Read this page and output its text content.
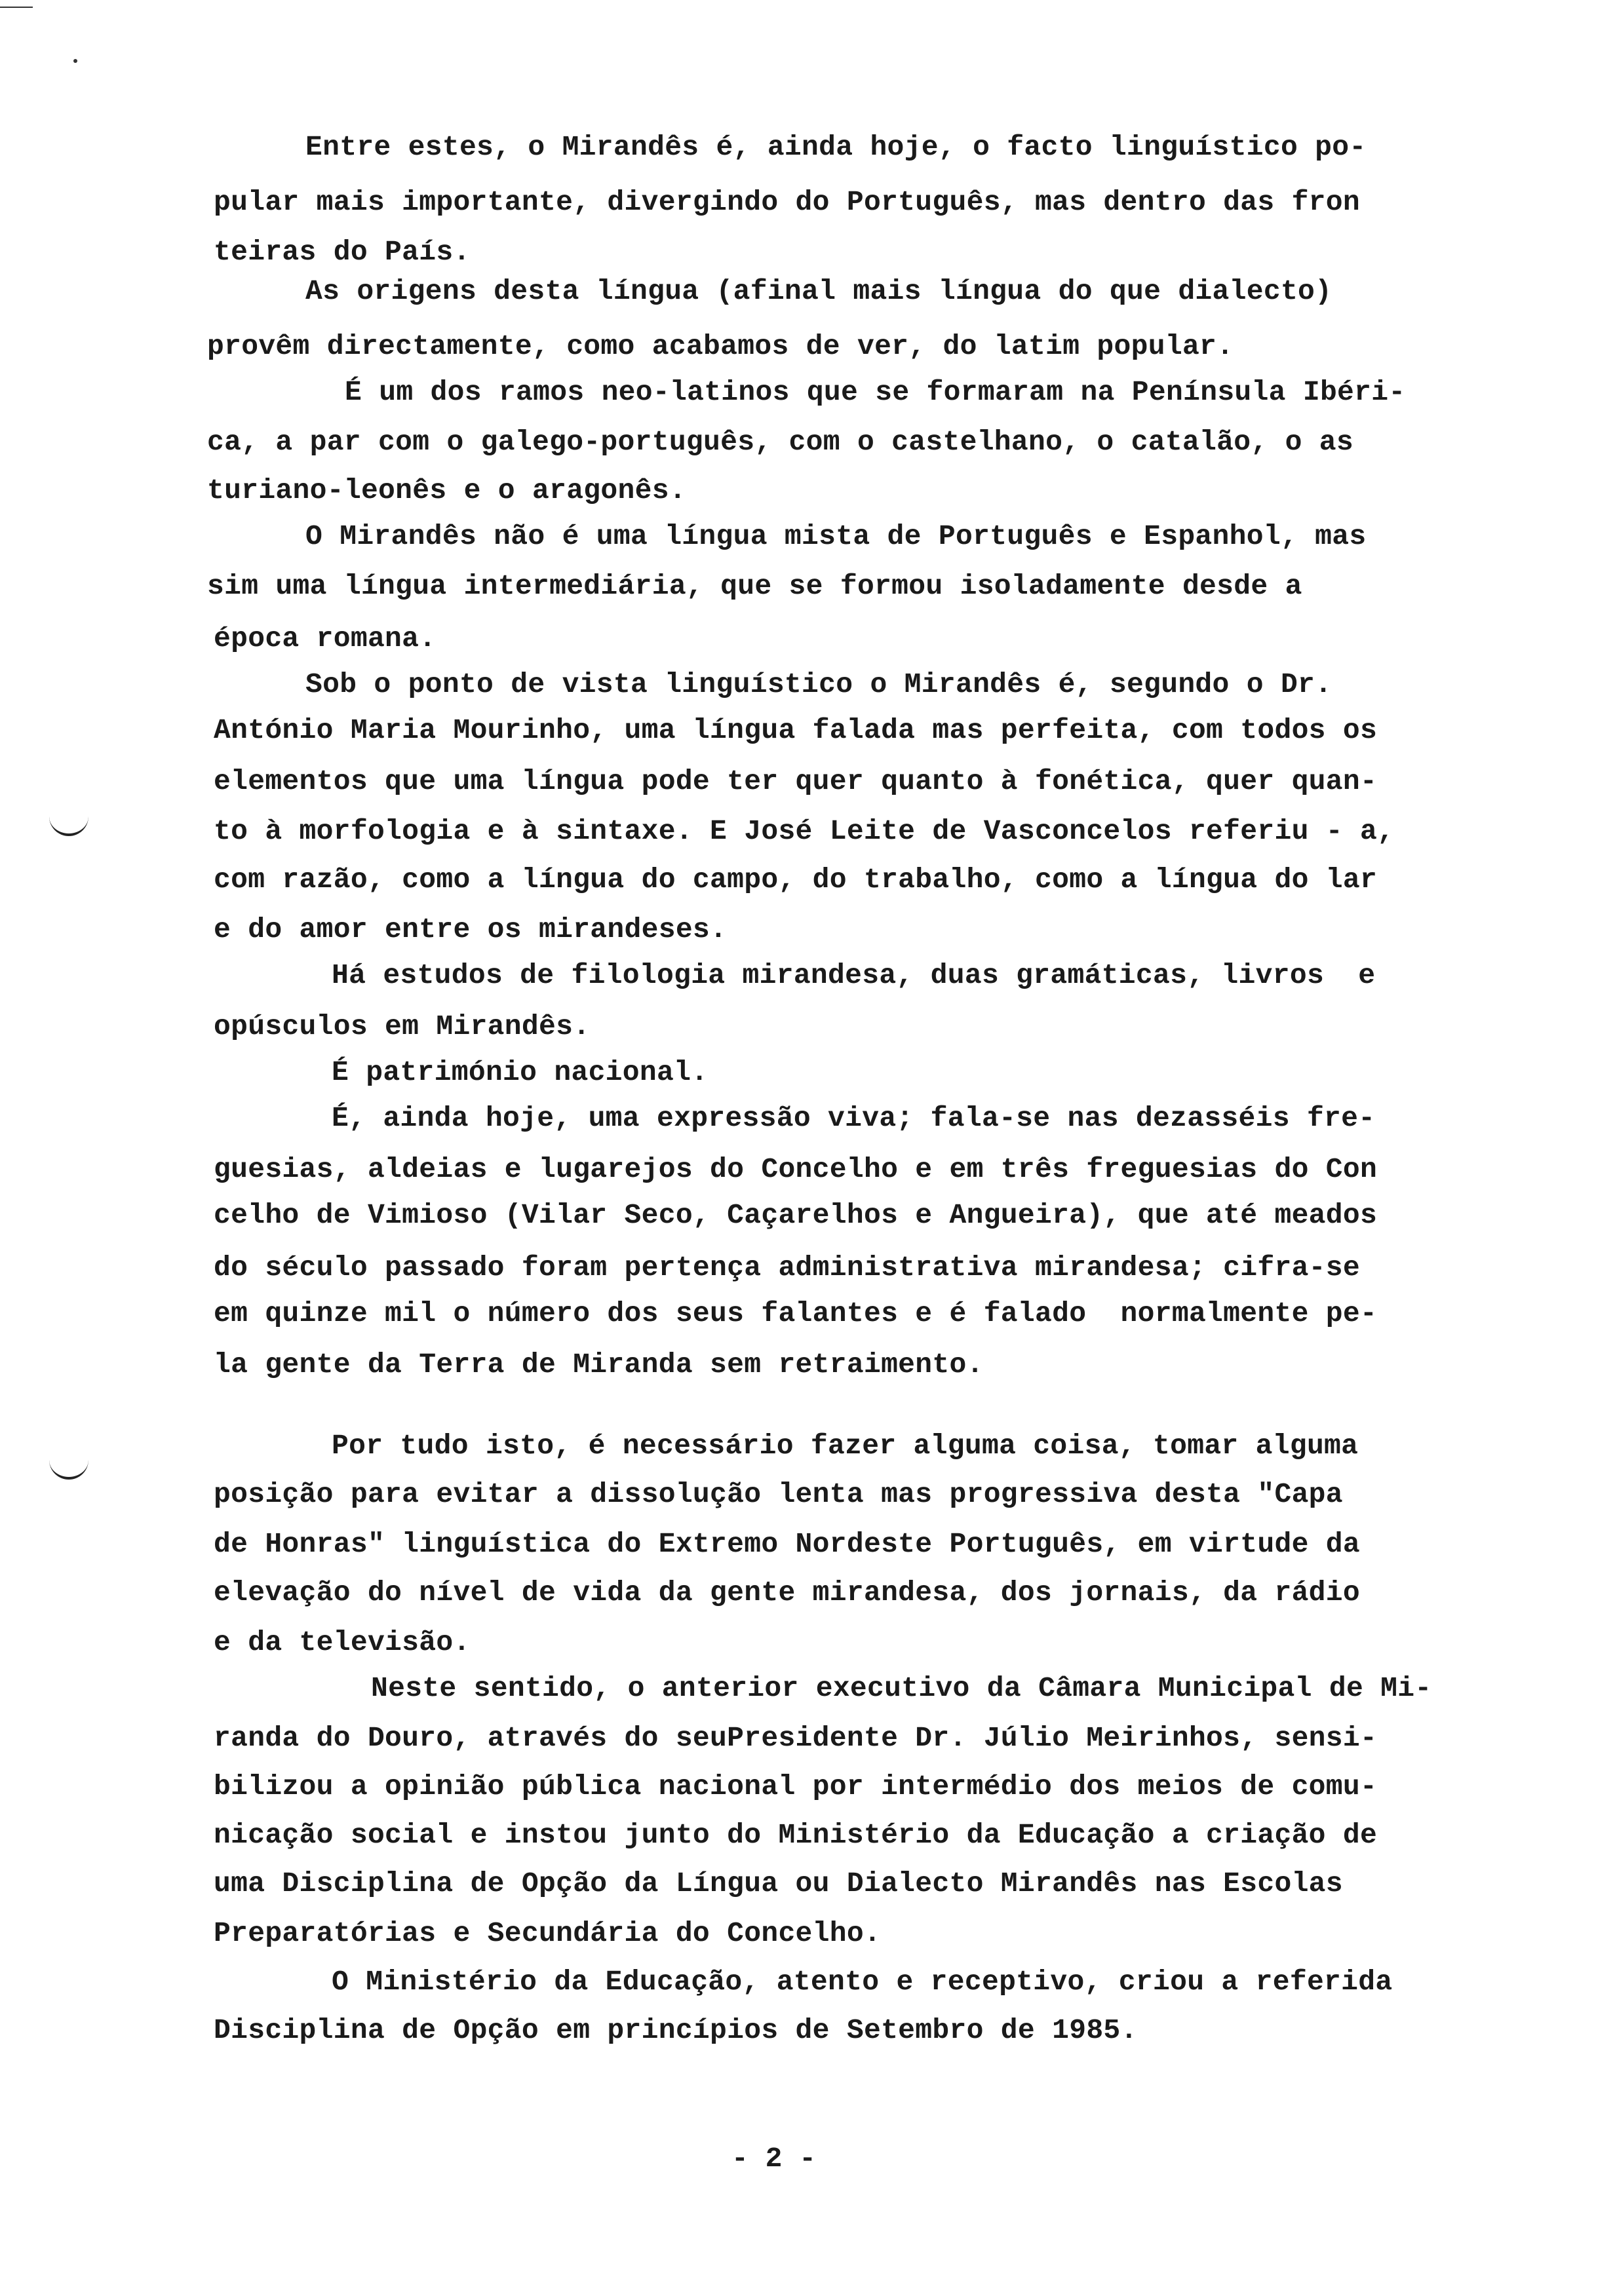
Entre estes, o Mirandês é, ainda hoje, o facto linguístico po-

pular mais importante, divergindo do Português, mas dentro das fron

teiras do País.

As origens desta língua (afinal mais língua do que dialecto)

provêm directamente, como acabamos de ver, do latim popular.

É um dos ramos neo-latinos que se formaram na Península Ibéri-

ca, a par com o galego-português, com o castelhano, o catalão, o as

turiano-leonês e o aragonês.

O Mirandês não é uma língua mista de Português e Espanhol, mas

sim uma língua intermediária, que se formou isoladamente desde a

época romana.

Sob o ponto de vista linguístico o Mirandês é, segundo o Dr.

António Maria Mourinho, uma língua falada mas perfeita, com todos os

elementos que uma língua pode ter quer quanto à fonética, quer quan-

to à morfologia e à sintaxe. E José Leite de Vasconcelos referiu - a,

com razão, como a língua do campo, do trabalho, como a língua do lar

e do amor entre os mirandeses.

Há estudos de filologia mirandesa, duas gramáticas, livros  e

opúsculos em Mirandês.

É património nacional.

É, ainda hoje, uma expressão viva; fala-se nas dezasséis fre-

guesias, aldeias e lugarejos do Concelho e em três freguesias do Con

celho de Vimioso (Vilar Seco, Caçarelhos e Angueira), que até meados

do século passado foram pertença administrativa mirandesa; cifra-se

em quinze mil o número dos seus falantes e é falado  normalmente pe-

la gente da Terra de Miranda sem retraimento.

Por tudo isto, é necessário fazer alguma coisa, tomar alguma

posição para evitar a dissolução lenta mas progressiva desta "Capa

de Honras" linguística do Extremo Nordeste Português, em virtude da

elevação do nível de vida da gente mirandesa, dos jornais, da rádio

e da televisão.

Neste sentido, o anterior executivo da Câmara Municipal de Mi-

randa do Douro, através do seuPresidente Dr. Júlio Meirinhos, sensi-

bilizou a opinião pública nacional por intermédio dos meios de comu-

nicação social e instou junto do Ministério da Educação a criação de

uma Disciplina de Opção da Língua ou Dialecto Mirandês nas Escolas

Preparatórias e Secundária do Concelho.

O Ministério da Educação, atento e receptivo, criou a referida

Disciplina de Opção em princípios de Setembro de 1985.

- 2 -
